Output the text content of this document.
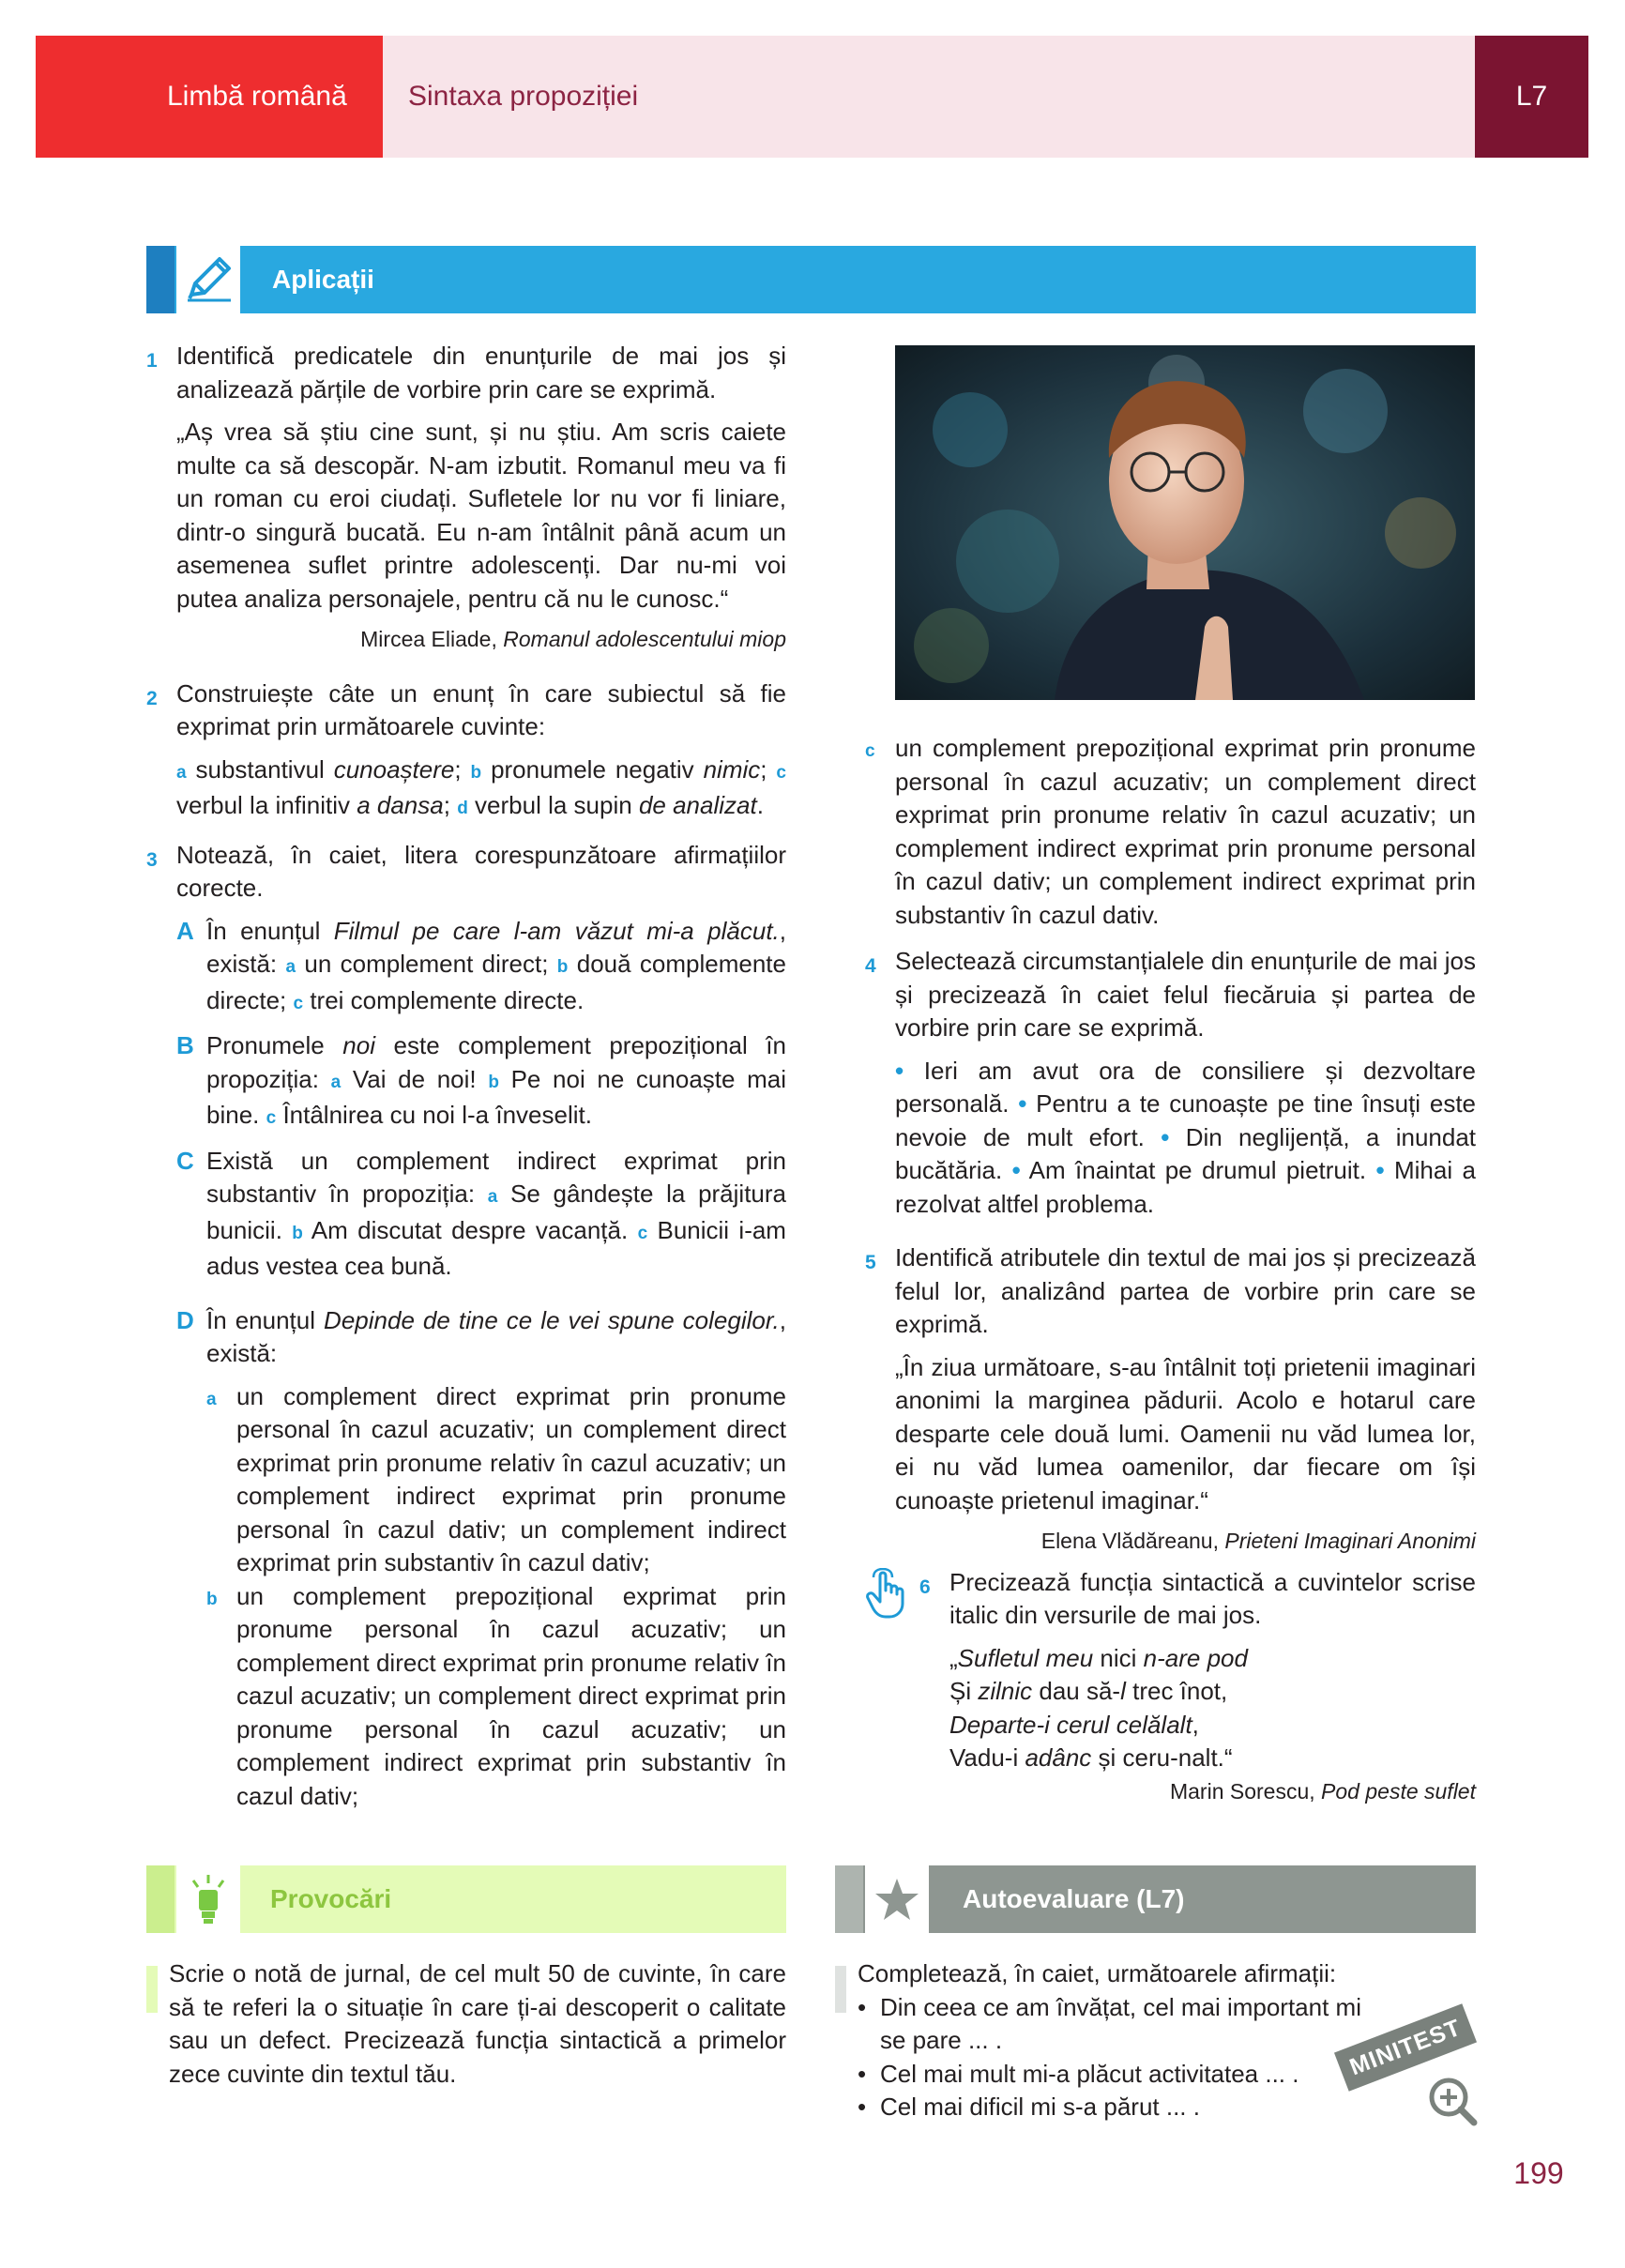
Limbă română Sintaxa propoziției	L7
Aplicații
1 Identifică predicatele din enunțurile de mai jos și analizează părțile de vorbire prin care se exprimă.

„Aș vrea să știu cine sunt, și nu știu. Am scris caiete multe ca să descopăr. N-am izbutit. Romanul meu va fi un roman cu eroi ciudați. Sufletele lor nu vor fi liniare, dintr-o singură bucată. Eu n-am întâlnit până acum un asemenea suflet printre adolescenți. Dar nu-mi voi putea analiza personajele, pentru că nu le cunosc.“

Mircea Eliade, Romanul adolescentului miop

2 Construiește câte un enunț în care subiectul să fie exprimat prin următoarele cuvinte:

a substantivul cunoaștere; b pronumele negativ nimic; c verbul la infinitiv a dansa; d verbul la supin de analizat.

3 Notează, în caiet, litera corespunzătoare afirmațiilor corecte.

A În enunțul Filmul pe care l-am văzut mi-a plăcut., există: a un complement direct; b două complemente directe; c trei complemente directe.

B Pronumele noi este complement prepozițional în propoziția: a Vai de noi! b Pe noi ne cunoaște mai bine. c Întâlnirea cu noi l-a înveselit.

C Există un complement indirect exprimat prin substantiv în propoziția: a Se gândește la prăjitura bunicii. b Am discutat despre vacanță. c Bunicii i-am adus vestea cea bună.

D În enunțul Depinde de tine ce le vei spune colegilor., există:

a un complement direct exprimat prin pronume personal în cazul acuzativ; un complement direct exprimat prin pronume relativ în cazul acuzativ; un complement indirect exprimat prin pronume personal în cazul dativ; un complement indirect exprimat prin substantiv în cazul dativ;

b un complement prepozițional exprimat prin pronume personal în cazul acuzativ; un complement direct exprimat prin pronume relativ în cazul acuzativ; un complement direct exprimat prin pronume personal în cazul acuzativ; un complement indirect exprimat prin substantiv în cazul dativ;

c un complement prepozițional exprimat prin pronume personal în cazul acuzativ; un complement direct exprimat prin pronume relativ în cazul acuzativ; un complement indirect exprimat prin pronume personal în cazul dativ; un complement indirect exprimat prin substantiv în cazul dativ.

4 Selectează circumstanțialele din enunțurile de mai jos și precizează în caiet felul fiecăruia și partea de vorbire prin care se exprimă.

• Ieri am avut ora de consiliere și dezvoltare personală. • Pentru a te cunoaște pe tine însuți este nevoie de mult efort. • Din neglijență, a inundat bucătăria. • Am înaintat pe drumul pietruit. • Mihai a rezolvat altfel problema.

5 Identifică atributele din textul de mai jos și precizează felul lor, analizând partea de vorbire prin care se exprimă.

„În ziua următoare, s-au întâlnit toți prietenii imaginari anonimi la marginea pădurii. Acolo e hotarul care desparte cele două lumi. Oamenii nu văd lumea lor, ei nu văd lumea oamenilor, dar fiecare om își cunoaște prietenul imaginar.“

Elena Vlădăreanu, Prieteni Imaginari Anonimi

6 Precizează funcția sintactică a cuvintelor scrise italic din versurile de mai jos.

„Sufletul meu nici n-are pod

Și zilnic dau să-l trec înot,

Departe-i cerul celălalt,

Vadu-i adânc și ceru-nalt.“

Marin Sorescu, Pod peste suflet

Provocări

Scrie o notă de jurnal, de cel mult 50 de cuvinte, în care să te referi la o situație în care ți-ai descoperit o calitate sau un defect. Precizează funcția sintactică a primelor zece cuvinte din textul tău.

Autoevaluare (L7)

Completează, în caiet, următoarele afirmații:

• Din ceea ce am învățat, cel mai important mi se pare ... .
• Cel mai mult mi-a plăcut activitatea ... .
• Cel mai dificil mi s-a părut ... .
MINITEST
199
